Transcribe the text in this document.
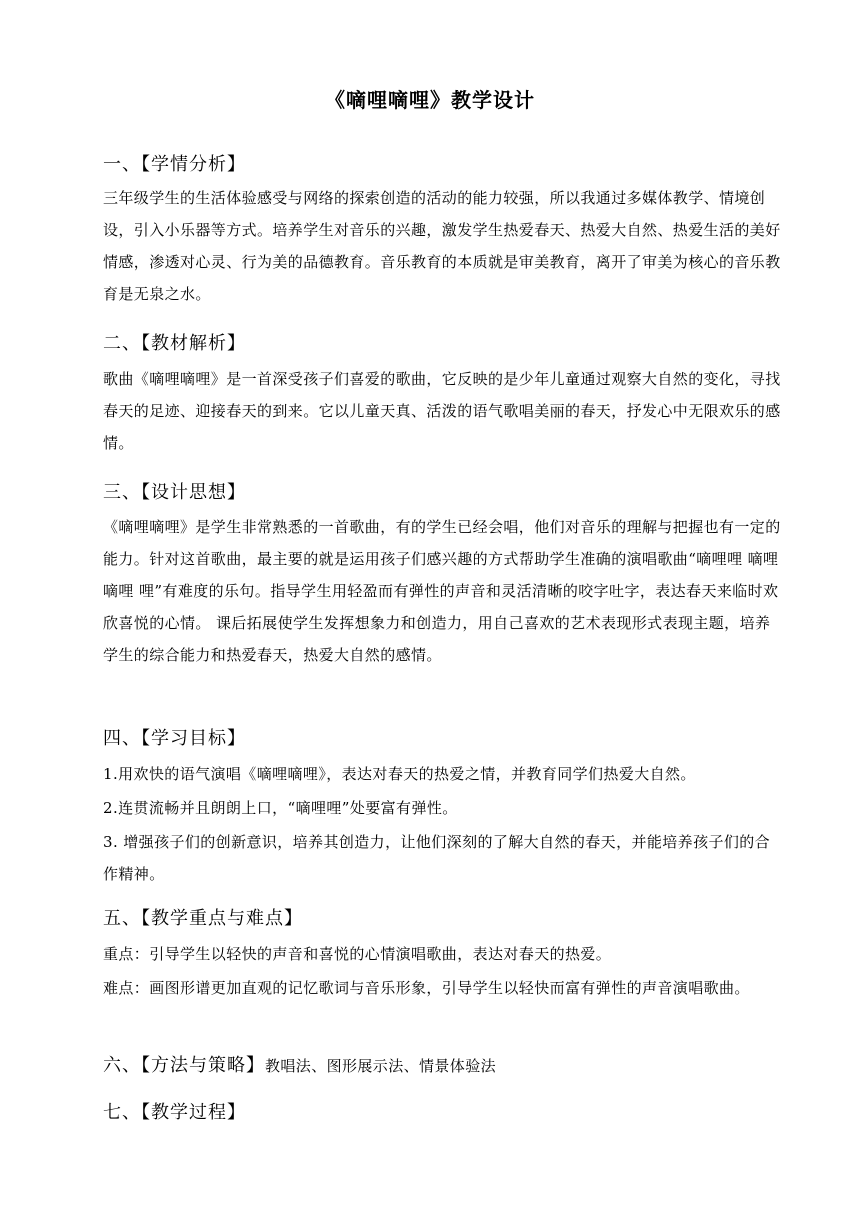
《嘀哩嘀哩》教学设计
一、【学情分析】
三年级学生的生活体验感受与网络的探索创造的活动的能力较强，所以我通过多媒体教学、情境创设，引入小乐器等方式。培养学生对音乐的兴趣，激发学生热爱春天、热爱大自然、热爱生活的美好情感，渗透对心灵、行为美的品德教育。音乐教育的本质就是审美教育，离开了审美为核心的音乐教育是无泉之水。
二、【教材解析】
歌曲《嘀哩嘀哩》是一首深受孩子们喜爱的歌曲，它反映的是少年儿童通过观察大自然的变化，寻找春天的足迹、迎接春天的到来。它以儿童天真、活泼的语气歌唱美丽的春天，抒发心中无限欢乐的感情。
三、【设计思想】
《嘀哩嘀哩》是学生非常熟悉的一首歌曲，有的学生已经会唱，他们对音乐的理解与把握也有一定的能力。针对这首歌曲，最主要的就是运用孩子们感兴趣的方式帮助学生准确的演唱歌曲“嘀哩哩 嘀哩 嘀哩 哩”有难度的乐句。指导学生用轻盈而有弹性的声音和灵活清晰的咬字吐字，表达春天来临时欢欣喜悦的心情。 课后拓展使学生发挥想象力和创造力，用自己喜欢的艺术表现形式表现主题，培养学生的综合能力和热爱春天，热爱大自然的感情。
四、【学习目标】
1.用欢快的语气演唱《嘀哩嘀哩》，表达对春天的热爱之情，并教育同学们热爱大自然。
2.连贯流畅并且朗朗上口，“嘀哩哩”处要富有弹性。
3. 增强孩子们的创新意识，培养其创造力，让他们深刻的了解大自然的春天，并能培养孩子们的合作精神。
五、【教学重点与难点】
重点：引导学生以轻快的声音和喜悦的心情演唱歌曲，表达对春天的热爱。
难点：画图形谱更加直观的记忆歌词与音乐形象，引导学生以轻快而富有弹性的声音演唱歌曲。
六、【方法与策略】教唱法、图形展示法、情景体验法
七、【教学过程】
